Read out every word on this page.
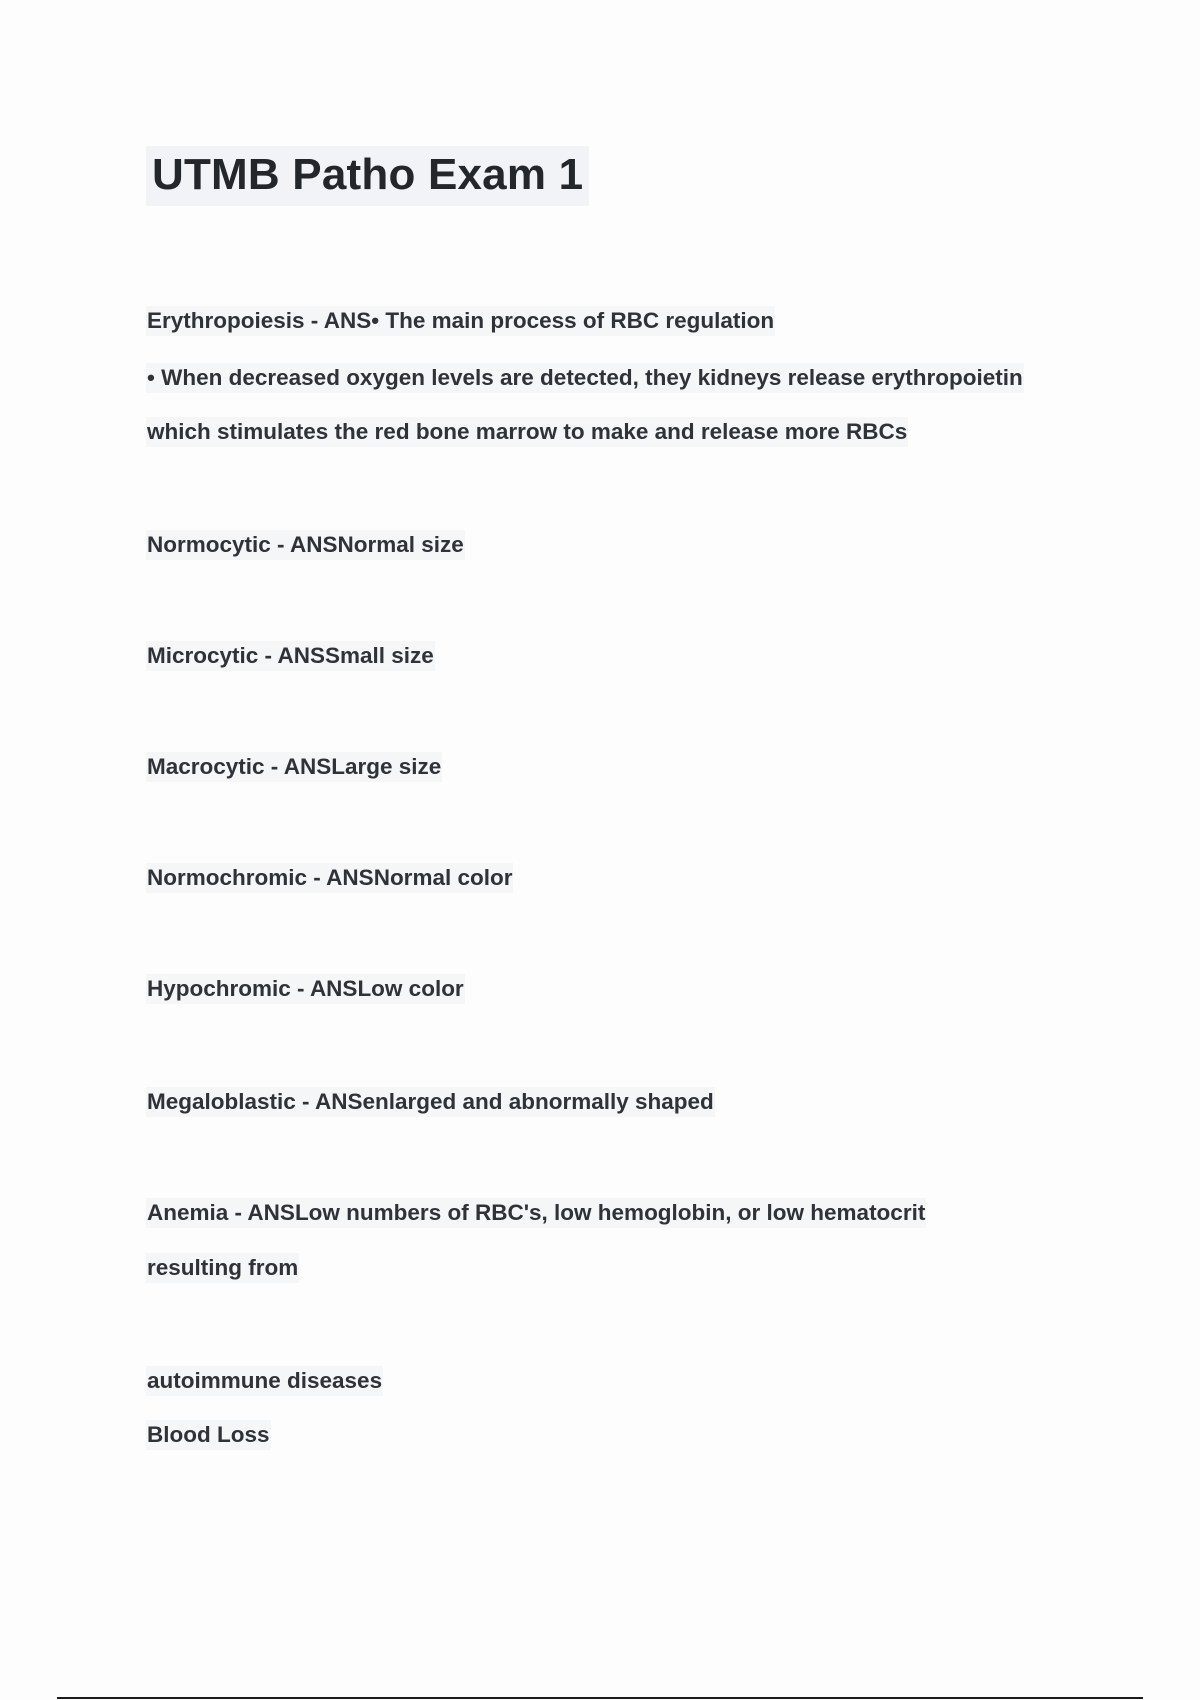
UTMB Patho Exam 1

Erythropoiesis - ANS• The main process of RBC regulation

• When decreased oxygen levels are detected, they kidneys release erythropoietin

which stimulates the red bone marrow to make and release more RBCs

Normocytic - ANSNormal size

Microcytic - ANSSmall size

Macrocytic - ANSLarge size

Normochromic - ANSNormal color

Hypochromic - ANSLow color

Megaloblastic - ANSenlarged and abnormally shaped

Anemia - ANSLow numbers of RBC's, low hemoglobin, or low hematocrit

resulting from

autoimmune diseases

Blood Loss
